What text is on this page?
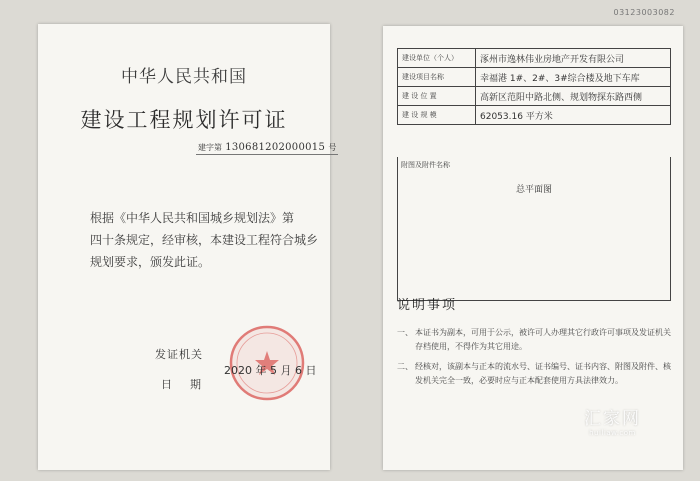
中华人民共和国
建设工程规划许可证
建字第 130681202000015 号
根据《中华人民共和国城乡规划法》第
四十条规定，经审核，本建设工程符合城乡
规划要求，颁发此证。
发证机关
日期
2020 年 5 月 6 日
03123003082
建设单位（个人）	涿州市逸林伟业房地产开发有限公司
建设项目名称	幸福港 1#、2#、3#综合楼及地下车库
建 设 位 置	高新区范阳中路北侧、规划物探东路西侧
建 设 规 模	62053.16 平方米
附图及附件名称
总平面图
说明事项
一、 本证书为副本，可用于公示，被许可人办理其它行政许可事项及发证机关存档使用，不得作为其它用途。
二、 经核对，该副本与正本的流水号、证书编号、证书内容、附图及附件、核发机关完全一致，必要时应与正本配套使用方具法律效力。
汇家网
huiliaw.com
